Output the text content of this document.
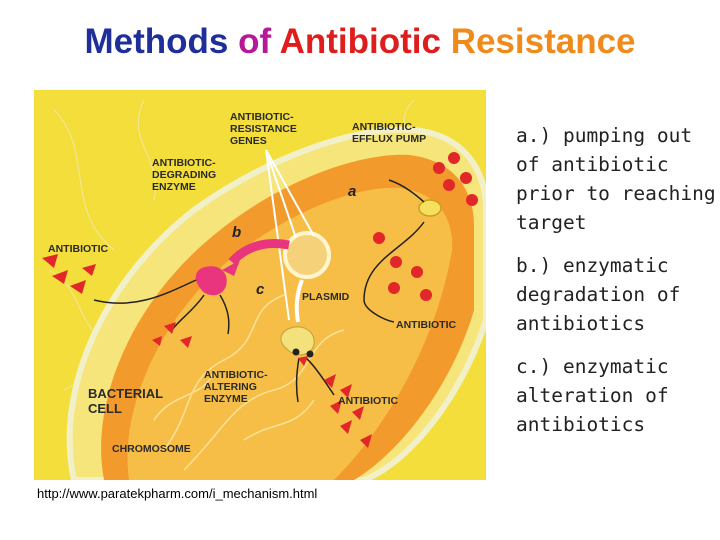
Methods of Antibiotic Resistance
ANTIBIOTIC- RESISTANCE GENES
ANTIBIOTIC- EFFLUX PUMP
ANTIBIOTIC- DEGRADING ENZYME
ANTIBIOTIC
PLASMID
ANTIBIOTIC
ANTIBIOTIC- ALTERING ENZYME
BACTERIAL CELL	ANTIBIOTIC
CHROMOSOME
a
b
c

a.) pumping out of antibiotic prior to reaching target

b.) enzymatic degradation of antibiotics

c.) enzymatic alteration of antibiotics

http://www.paratekpharm.com/i_mechanism.html
